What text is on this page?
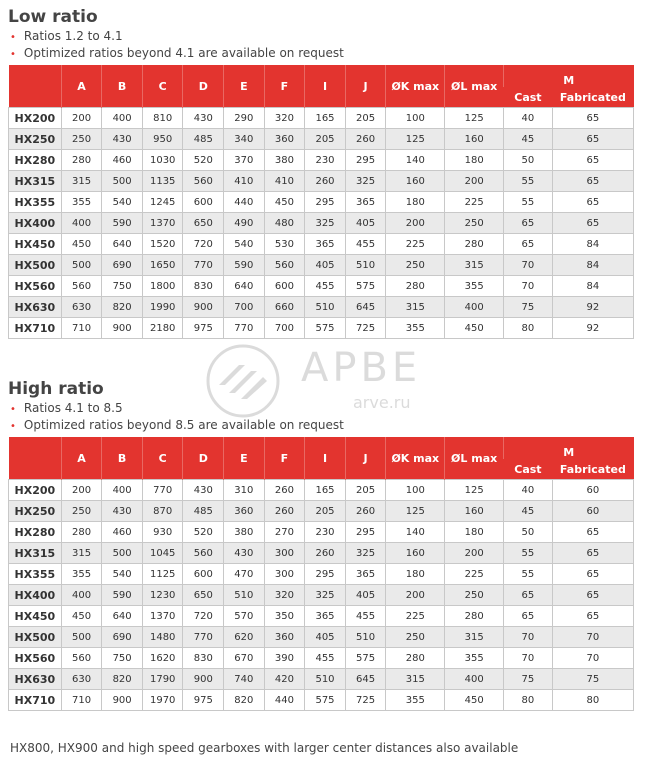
Low ratio
• Ratios 1.2 to 4.1
• Optimized ratios beyond 4.1 are available on request
	A	B	C	D	E	F	I	J	ØK max	ØL max	M	
											Cast	Fabricated
HX200	200	400	810	430	290	320	165	205	100	125	40	65
HX250	250	430	950	485	340	360	205	260	125	160	45	65
HX280	280	460	1030	520	370	380	230	295	140	180	50	65
HX315	315	500	1135	560	410	410	260	325	160	200	55	65
HX355	355	540	1245	600	440	450	295	365	180	225	55	65
HX400	400	590	1370	650	490	480	325	405	200	250	65	65
HX450	450	640	1520	720	540	530	365	455	225	280	65	84
HX500	500	690	1650	770	590	560	405	510	250	315	70	84
HX560	560	750	1800	830	640	600	455	575	280	355	70	84
HX630	630	820	1990	900	700	660	510	645	315	400	75	92
HX710	710	900	2180	975	770	700	575	725	355	450	80	92
High ratio
• Ratios 4.1 to 8.5
• Optimized ratios beyond 8.5 are available on request
	A	B	C	D	E	F	I	J	ØK max	ØL max	M	
											Cast	Fabricated
HX200	200	400	770	430	310	260	165	205	100	125	40	60
HX250	250	430	870	485	360	260	205	260	125	160	45	60
HX280	280	460	930	520	380	270	230	295	140	180	50	65
HX315	315	500	1045	560	430	300	260	325	160	200	55	65
HX355	355	540	1125	600	470	300	295	365	180	225	55	65
HX400	400	590	1230	650	510	320	325	405	200	250	65	65
HX450	450	640	1370	720	570	350	365	455	225	280	65	65
HX500	500	690	1480	770	620	360	405	510	250	315	70	70
HX560	560	750	1620	830	670	390	455	575	280	355	70	70
HX630	630	820	1790	900	740	420	510	645	315	400	75	75
HX710	710	900	1970	975	820	440	575	725	355	450	80	80
HX800, HX900 and high speed gearboxes with larger center distances also available
APBE
arve.ru
